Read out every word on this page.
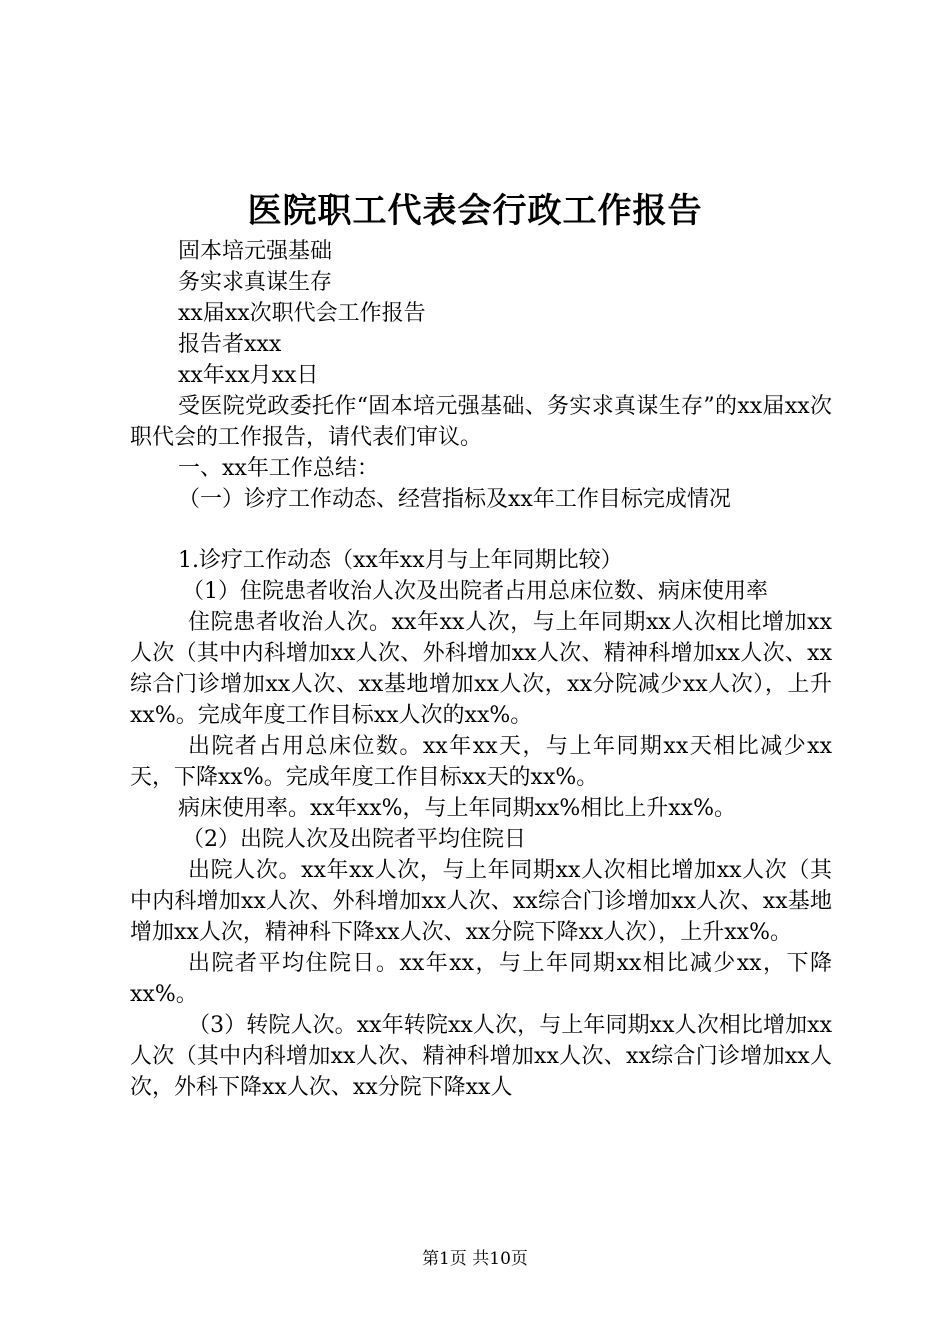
医院职工代表会行政工作报告

固本培元强基础

务实求真谋生存

xx届xx次职代会工作报告

报告者xxx

xx年xx月xx日

受医院党政委托作“固本培元强基础、务实求真谋生存”的xx届xx次职代会的工作报告，请代表们审议。

一、xx年工作总结：

（一）诊疗工作动态、经营指标及xx年工作目标完成情况

1.诊疗工作动态（xx年xx月与上年同期比较）

（1）住院患者收治人次及出院者占用总床位数、病床使用率

住院患者收治人次。xx年xx人次，与上年同期xx人次相比增加xx人次（其中内科增加xx人次、外科增加xx人次、精神科增加xx人次、xx综合门诊增加xx人次、xx基地增加xx人次，xx分院减少xx人次），上升xx%。完成年度工作目标xx人次的xx%。

出院者占用总床位数。xx年xx天，与上年同期xx天相比减少xx天，下降xx%。完成年度工作目标xx天的xx%。

病床使用率。xx年xx%，与上年同期xx%相比上升xx%。

（2）出院人次及出院者平均住院日

出院人次。xx年xx人次，与上年同期xx人次相比增加xx人次（其中内科增加xx人次、外科增加xx人次、xx综合门诊增加xx人次、xx基地增加xx人次，精神科下降xx人次、xx分院下降xx人次），上升xx%。

出院者平均住院日。xx年xx，与上年同期xx相比减少xx，下降xx%。

（3）转院人次。xx年转院xx人次，与上年同期xx人次相比增加xx人次（其中内科增加xx人次、精神科增加xx人次、xx综合门诊增加xx人次，外科下降xx人次、xx分院下降xx人

第1页 共10页
